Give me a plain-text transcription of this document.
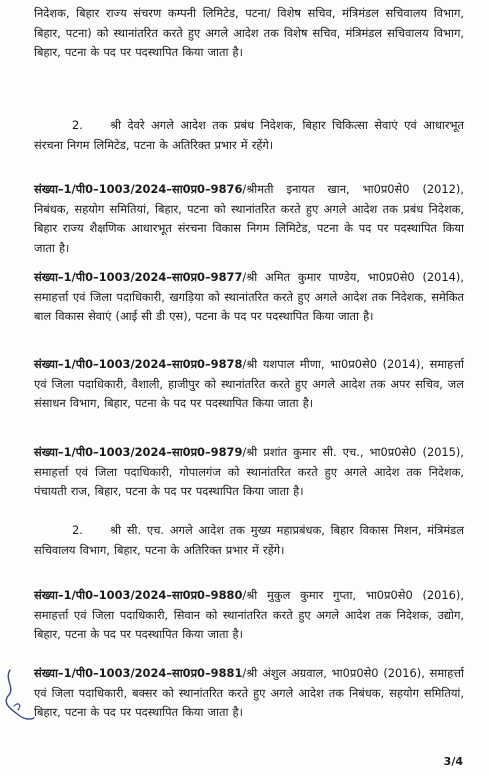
निदेशक, बिहार राज्य संचरण कम्पनी लिमिटेड, पटना/ विशेष सचिव, मंत्रिमंडल सचिवालय विभाग, बिहार, पटना) को स्थानांतरित करते हुए अगले आदेश तक विशेष सचिव, मंत्रिमंडल सचिवालय विभाग, बिहार, पटना के पद पर पदस्थापित किया जाता है।

2. श्री देवरे अगले आदेश तक प्रबंध निदेशक, बिहार चिकित्सा सेवाएं एवं आधारभूत संरचना निगम लिमिटेड, पटना के अतिरिक्त प्रभार में रहेंगे।

संख्या–1/पी0–1003/2024–सा0प्र0–9876/श्रीमती इनायत खान, भा0प्र0से0 (2012), निबंधक, सहयोग समितियां, बिहार, पटना को स्थानांतरित करते हुए अगले आदेश तक प्रबंध निदेशक, बिहार राज्य शैक्षणिक आधारभूत संरचना विकास निगम लिमिटेड, पटना के पद पर पदस्थापित किया जाता है।

संख्या–1/पी0–1003/2024–सा0प्र0–9877/श्री अमित कुमार पाण्डेय, भा0प्र0से0 (2014), समाहर्त्ता एवं जिला पदाधिकारी, खगड़िया को स्थानांतरित करते हुए अगले आदेश तक निदेशक, समेकित बाल विकास सेवाएं (आई सी डी एस), पटना के पद पर पदस्थापित किया जाता है।

संख्या–1/पी0–1003/2024–सा0प्र0–9878/श्री यशपाल मीणा, भा0प्र0से0 (2014), समाहर्त्ता एवं जिला पदाधिकारी, वैशाली, हाजीपुर को स्थानांतरित करते हुए अगले आदेश तक अपर सचिव, जल संसाधन विभाग, बिहार, पटना के पद पर पदस्थापित किया जाता है।

संख्या–1/पी0–1003/2024–सा0प्र0–9879/श्री प्रशांत कुमार सी. एच., भा0प्र0से0 (2015), समाहर्त्ता एवं जिला पदाधिकारी, गोपालगंज को स्थानांतरित करते हुए अगले आदेश तक निदेशक, पंचायती राज, बिहार, पटना के पद पर पदस्थापित किया जाता है।

2. श्री सी. एच. अगले आदेश तक मुख्य महाप्रबंधक, बिहार विकास मिशन, मंत्रिमंडल सचिवालय विभाग, बिहार, पटना के अतिरिक्त प्रभार में रहेंगे।

संख्या–1/पी0–1003/2024–सा0प्र0–9880/श्री मुकुल कुमार गुप्ता, भा0प्र0से0 (2016), समाहर्त्ता एवं जिला पदाधिकारी, सिवान को स्थानांतरित करते हुए अगले आदेश तक निदेशक, उद्योग, बिहार, पटना के पद पर पदस्थापित किया जाता है।

संख्या–1/पी0–1003/2024–सा0प्र0–9881/श्री अंशुल अग्रवाल, भा0प्र0से0 (2016), समाहर्त्ता एवं जिला पदाधिकारी, बक्सर को स्थानांतरित करते हुए अगले आदेश तक निबंधक, सहयोग समितियां, बिहार, पटना के पद पर पदस्थापित किया जाता है।

3/4
